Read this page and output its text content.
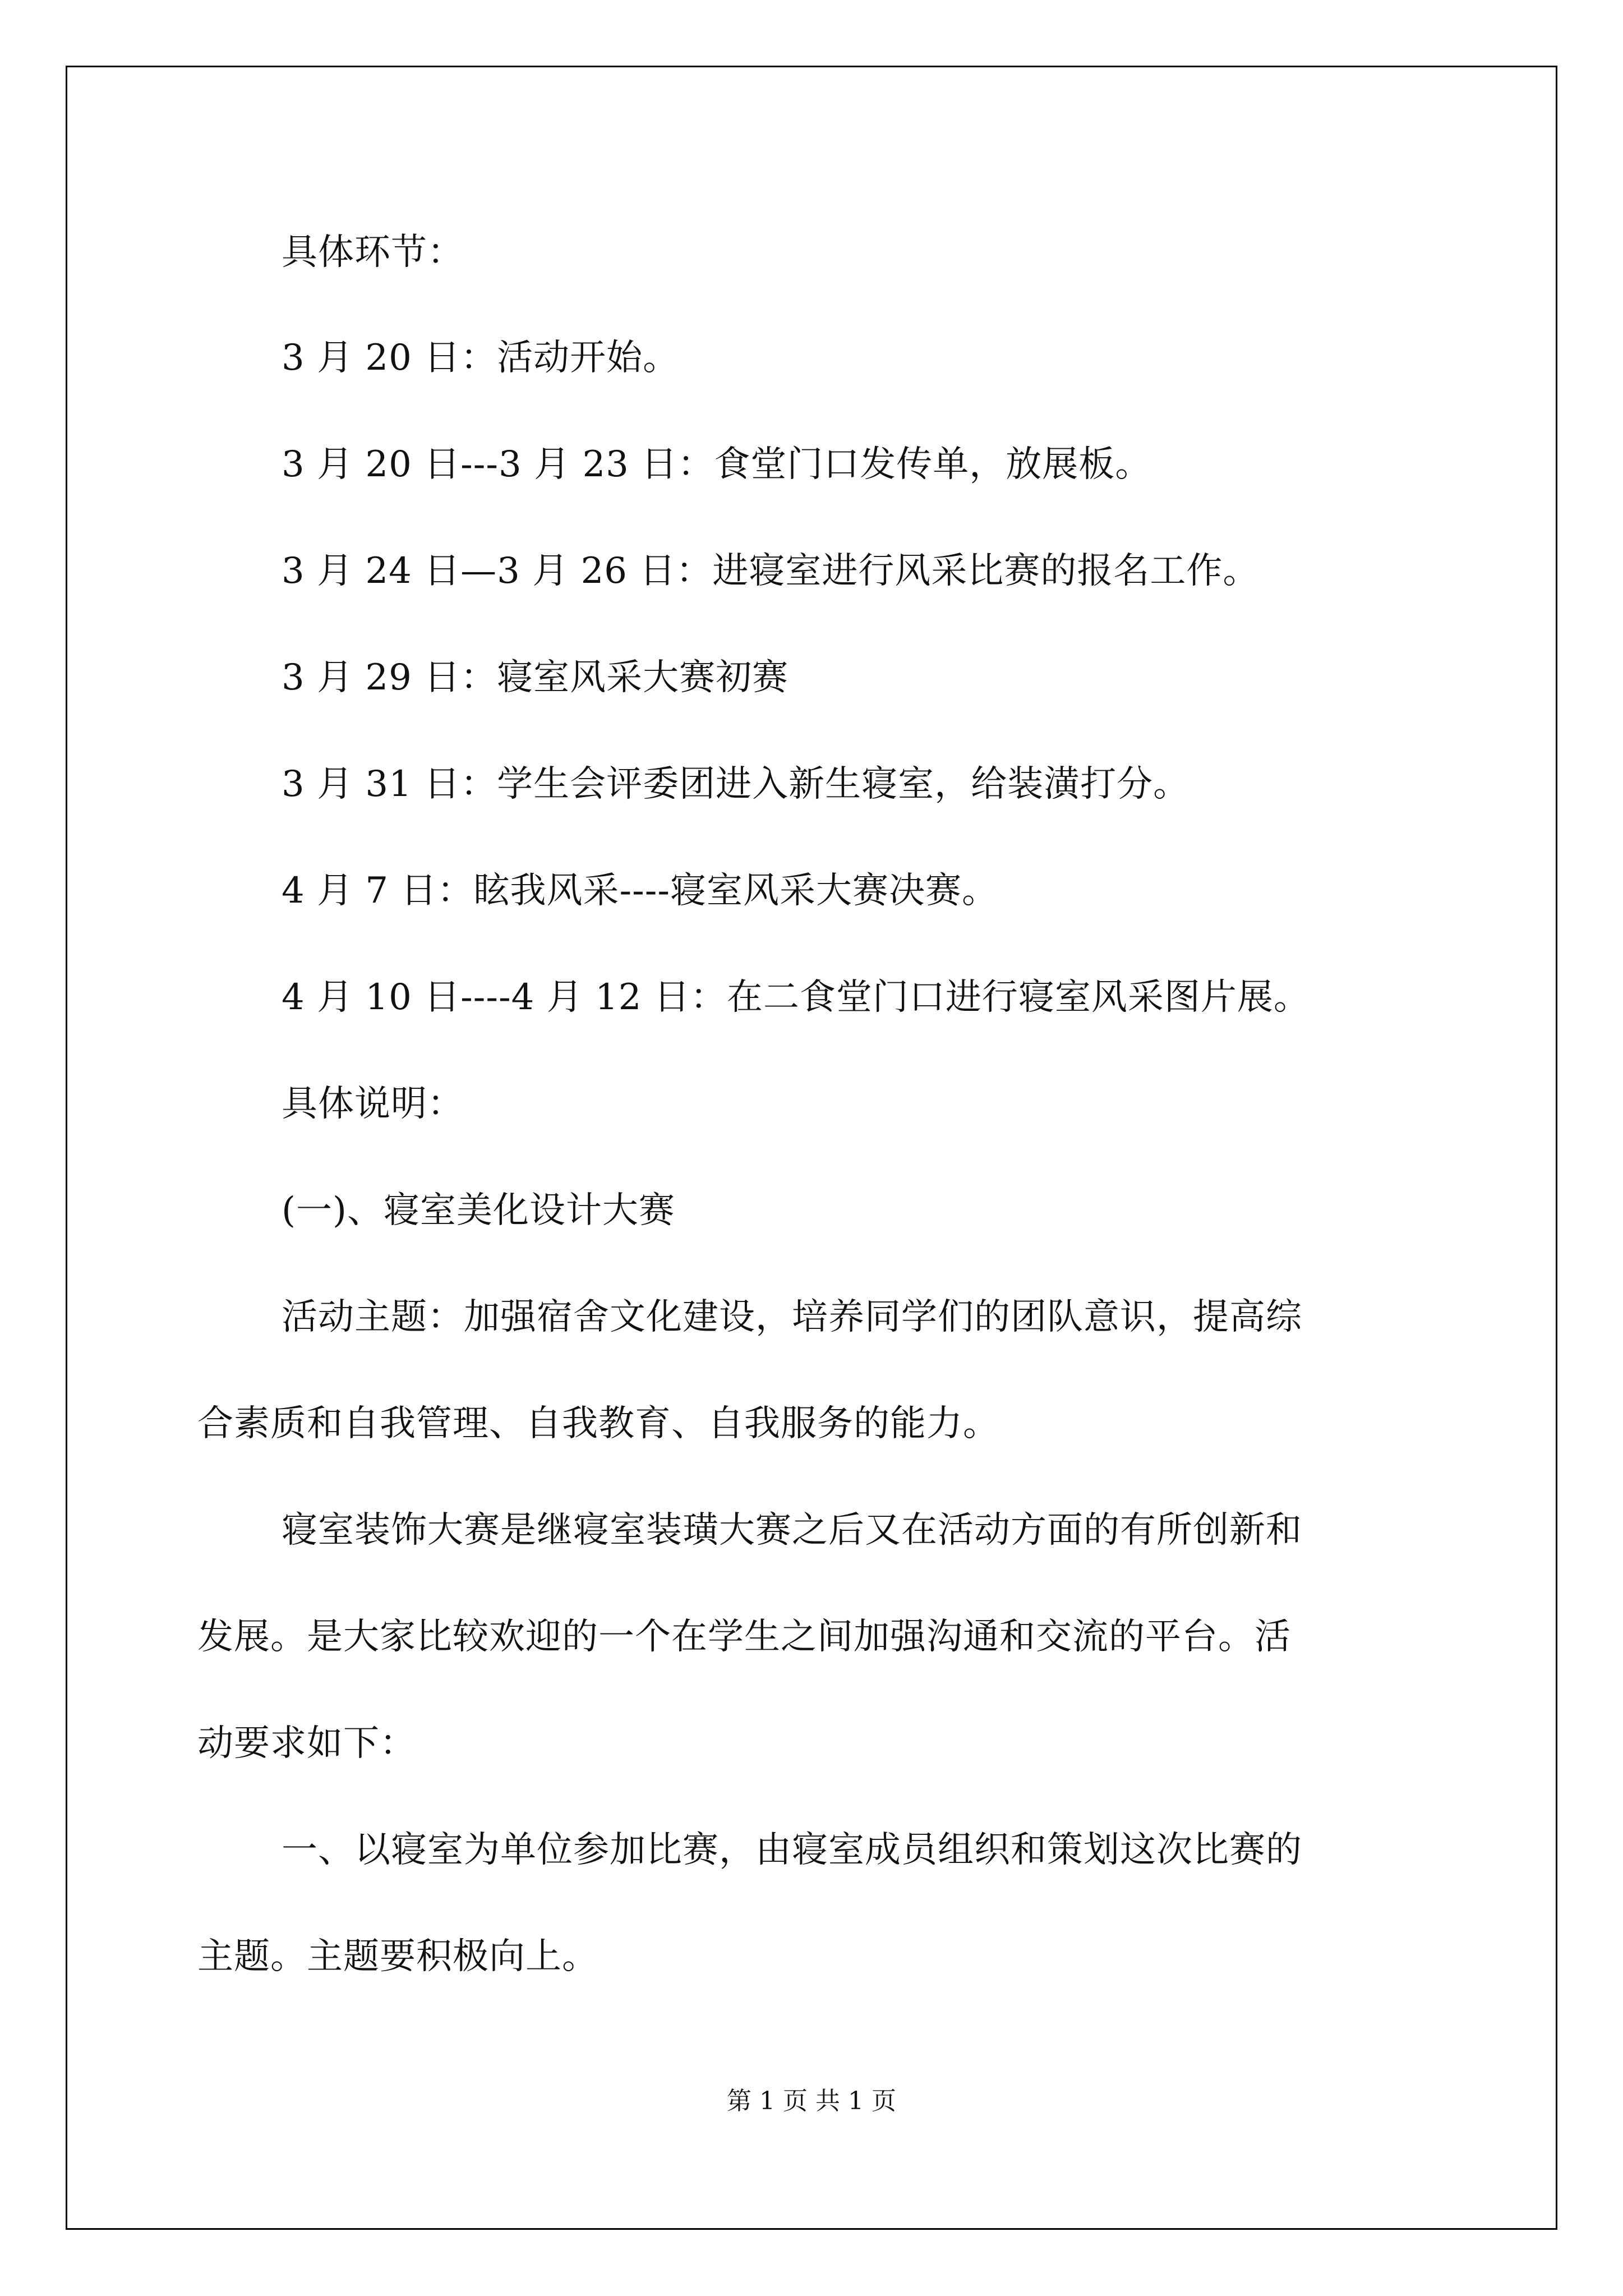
具体环节：
3 月 20 日：活动开始。
3 月 20 日---3 月 23 日：食堂门口发传单，放展板。
3 月 24 日—3 月 26 日：进寝室进行风采比赛的报名工作。
3 月 29 日：寝室风采大赛初赛
3 月 31 日：学生会评委团进入新生寝室，给装潢打分。
4 月 7 日：眩我风采----寝室风采大赛决赛。
4 月 10 日----4 月 12 日：在二食堂门口进行寝室风采图片展。
具体说明：
(一)、寝室美化设计大赛
活动主题：加强宿舍文化建设，培养同学们的团队意识，提高综
合素质和自我管理、自我教育、自我服务的能力。
寝室装饰大赛是继寝室装璜大赛之后又在活动方面的有所创新和
发展。是大家比较欢迎的一个在学生之间加强沟通和交流的平台。活
动要求如下：
一、以寝室为单位参加比赛，由寝室成员组织和策划这次比赛的
主题。主题要积极向上。
第 1 页 共 1 页
